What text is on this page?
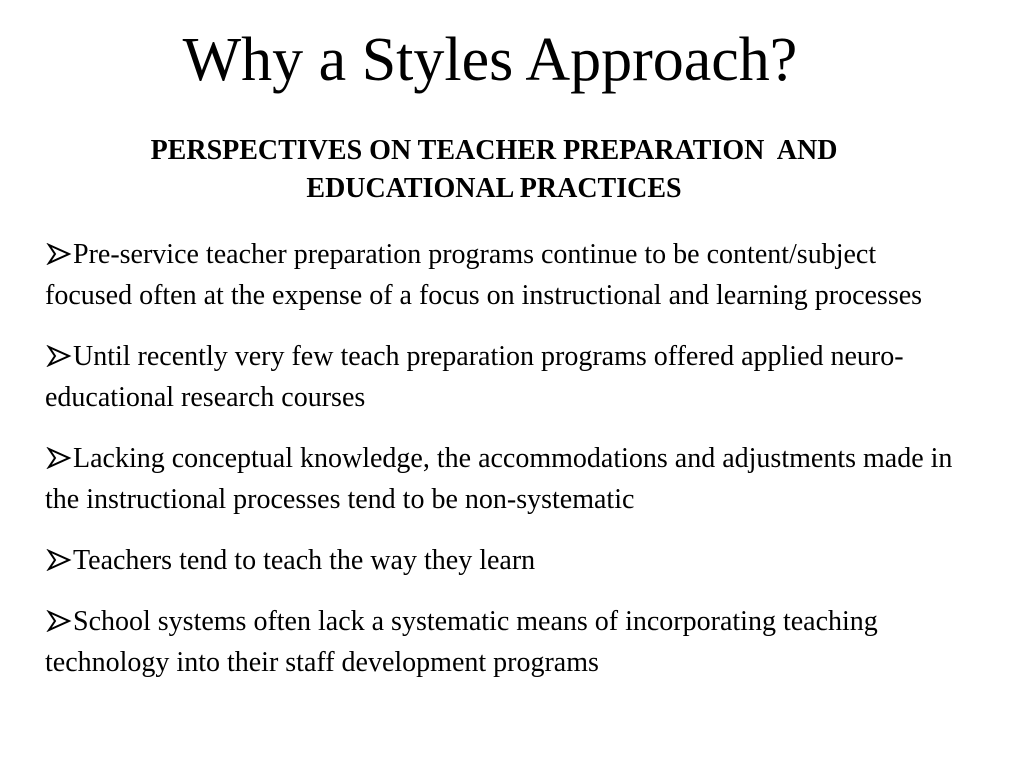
Why a Styles Approach?
PERSPECTIVES ON TEACHER PREPARATION  AND
EDUCATIONAL PRACTICES
Pre-service teacher preparation programs continue to be content/subject focused often at the expense of a focus on instructional and learning processes
Until recently very few teach preparation programs offered applied neuro-educational research courses
Lacking conceptual knowledge, the accommodations and adjustments made in the instructional processes tend to be non-systematic
Teachers tend to teach the way they learn
School systems often lack a systematic means of incorporating teaching technology into their staff development programs
